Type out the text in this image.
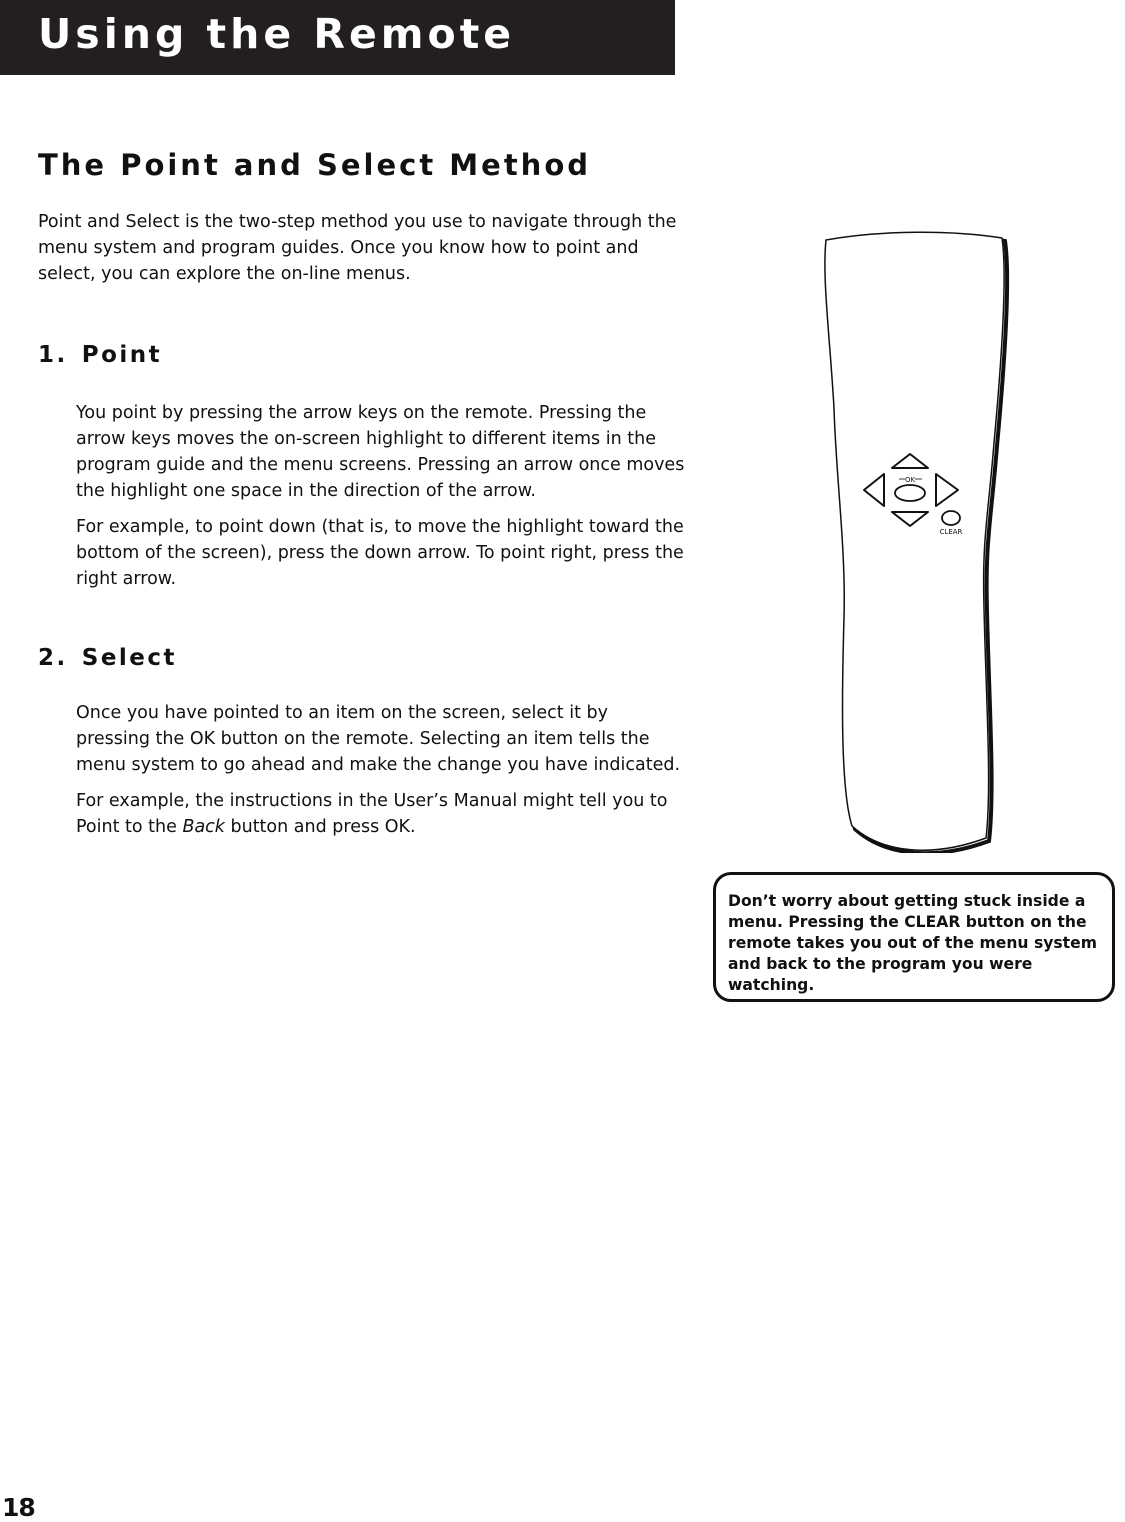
Using the Remote
The Point and Select Method
Point and Select is the two-step method you use to navigate through the menu system and program guides. Once you know how to point and select, you can explore the on-line menus.
1. Point

You point by pressing the arrow keys on the remote. Pressing the arrow keys moves the on-screen highlight to different items in the program guide and the menu screens. Pressing an arrow once moves the highlight one space in the direction of the arrow.

For example, to point down (that is, to move the highlight toward the bottom of the screen), press the down arrow. To point right, press the right arrow.

2. Select

Once you have pointed to an item on the screen, select it by pressing the OK button on the remote. Selecting an item tells the menu system to go ahead and make the change you have indicated.

For example, the instructions in the User’s Manual might tell you to Point to the Back button and press OK.

OK
CLEAR
Don’t worry about getting stuck inside a menu. Pressing the CLEAR button on the remote takes you out of the menu system and back to the program you were watching.
18
